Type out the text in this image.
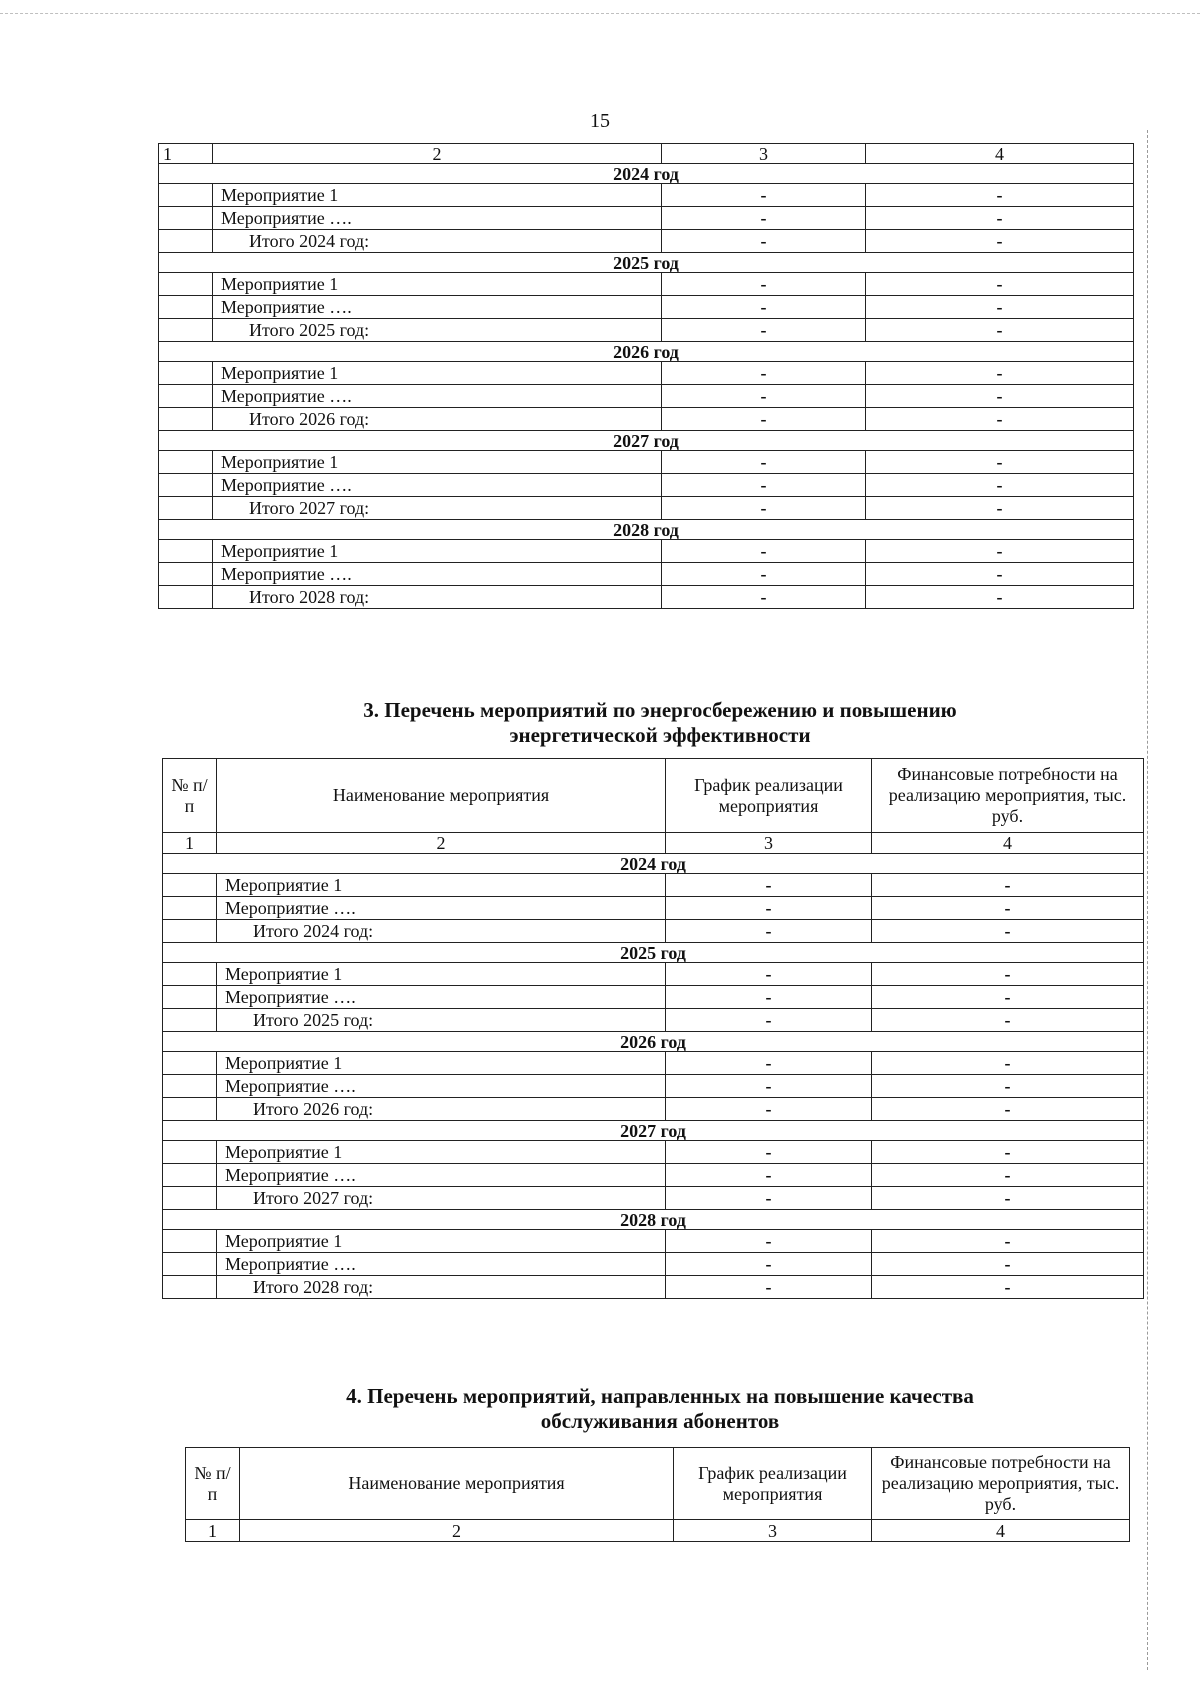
15
1	2	3	4
2024 год			
	Мероприятие 1	-	-
	Мероприятие ….	-	-
	Итого 2024 год:	-	-
2025 год			
	Мероприятие 1	-	-
	Мероприятие ….	-	-
	Итого 2025 год:	-	-
2026 год			
	Мероприятие 1	-	-
	Мероприятие ….	-	-
	Итого 2026 год:	-	-
2027 год			
	Мероприятие 1	-	-
	Мероприятие ….	-	-
	Итого 2027 год:	-	-
2028 год			
	Мероприятие 1	-	-
	Мероприятие ….	-	-
	Итого 2028 год:	-	-
3. Перечень мероприятий по энергосбережению и повышению
энергетической эффективности
№ п/п	Наименование мероприятия	График реализации мероприятия	Финансовые потребности на реализацию мероприятия, тыс. руб.
1	2	3	4
2024 год			
	Мероприятие 1	-	-
	Мероприятие ….	-	-
	Итого 2024 год:	-	-
2025 год			
	Мероприятие 1	-	-
	Мероприятие ….	-	-
	Итого 2025 год:	-	-
2026 год			
	Мероприятие 1	-	-
	Мероприятие ….	-	-
	Итого 2026 год:	-	-
2027 год			
	Мероприятие 1	-	-
	Мероприятие ….	-	-
	Итого 2027 год:	-	-
2028 год			
	Мероприятие 1	-	-
	Мероприятие ….	-	-
	Итого 2028 год:	-	-
4. Перечень мероприятий, направленных на повышение качества
обслуживания абонентов
№ п/п	Наименование мероприятия	График реализации мероприятия	Финансовые потребности на реализацию мероприятия, тыс. руб.
1	2	3	4
